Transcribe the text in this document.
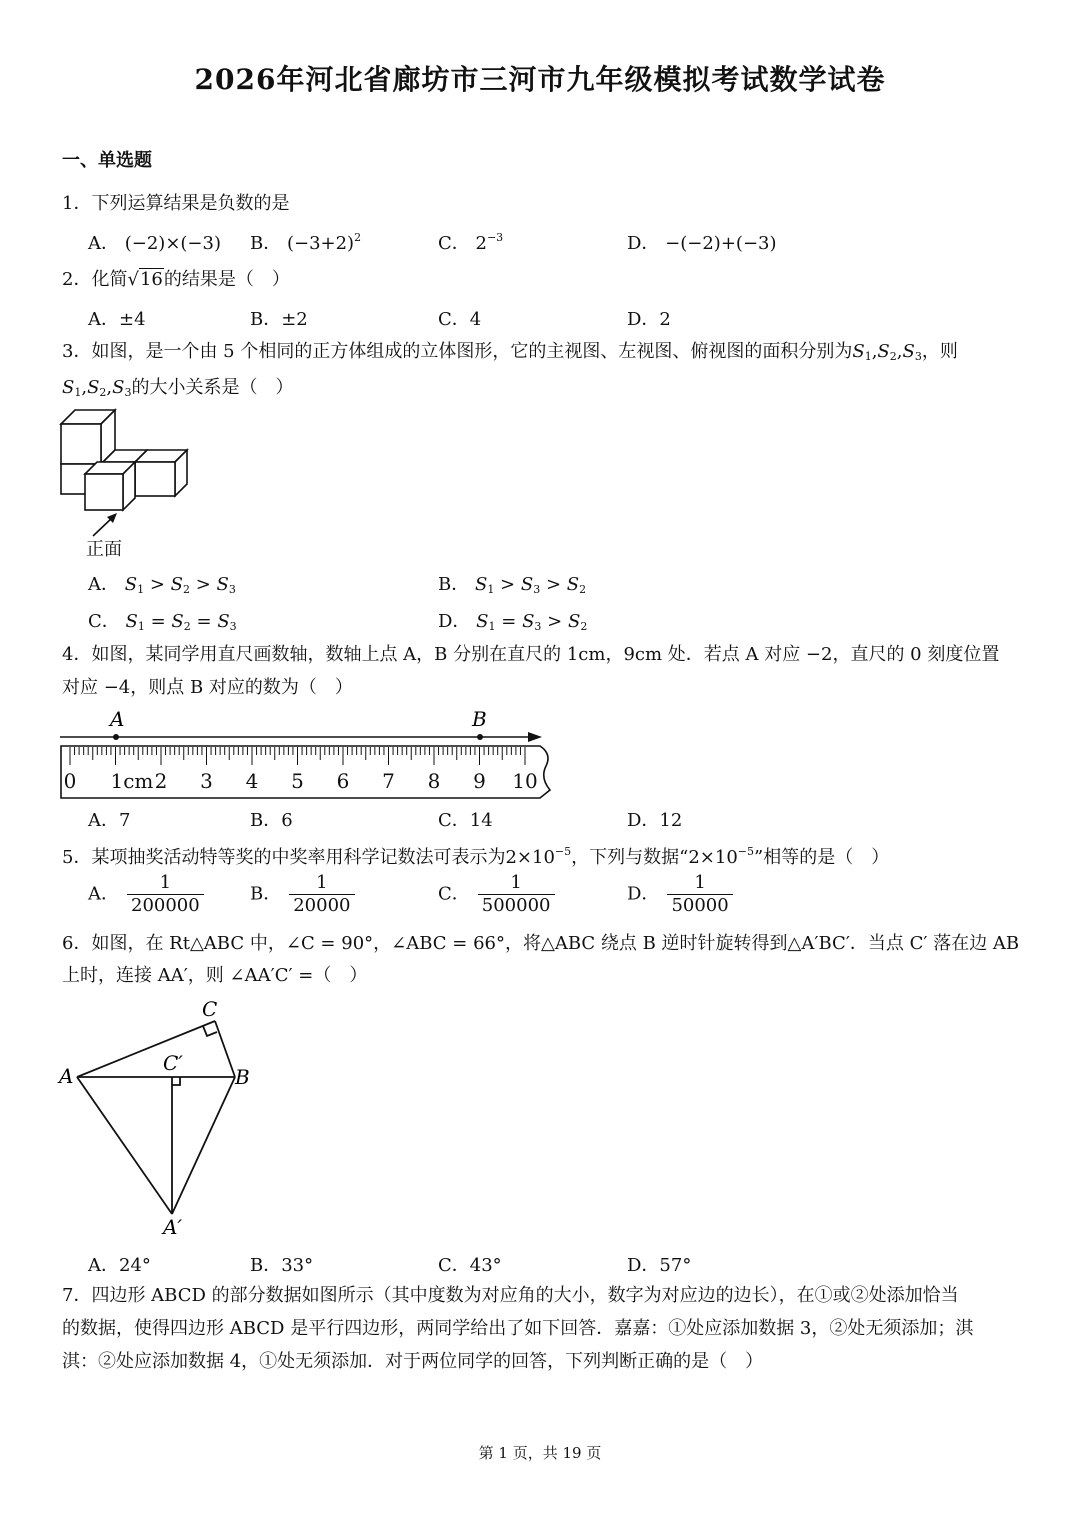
2026年河北省廊坊市三河市九年级模拟考试数学试卷
一、单选题
1．下列运算结果是负数的是
A． (−2)×(−3) B． $(-3+2)^2$	C． $2^{-3}$	D． −(−2)+(−3)
2．化简√16的结果是（　）
A．±4	B．±2	C．4	D．2
3．如图，是一个由 5 个相同的正方体组成的立体图形，它的主视图、左视图、俯视图的面积分别为$S_1,S_2,S_3$，则
$S_1,S_2,S_3$的大小关系是（　）
正面
A． $S_1 > S_2 > S_3$	B． $S_1 > S_3 > S_2$
C． $S_1 = S_2 = S_3$	D． $S_1 = S_3 > S_2$
4．如图，某同学用直尺画数轴，数轴上点 A，B 分别在直尺的 1cm，9cm 处．若点 A 对应 −2，直尺的 0 刻度位置
对应 −4，则点 B 对应的数为（　）
A	B
0 1cm 2 3 4 5 6 7 8 9 10
A．7	B．6	C．14	D．12
5．某项抽奖活动特等奖的中奖率用科学记数法可表示为$2\times 10^{-5}$，下列与数据“$2\times 10^{-5}$”相等的是（　）
A． $\frac{1}{200000}$	B． $\frac{1}{20000}$	C． $\frac{1}{500000}$	D． $\frac{1}{50000}$
6．如图，在 Rt△ABC 中，∠C = 90°，∠ABC = 66°，将△ABC 绕点 B 逆时针旋转得到△A′BC′．当点 C′ 落在边 AB
上时，连接 AA′，则 ∠AA′C′ =（　）
C
A	B
C′
A′
A．24°	B．33°	C．43°	D．57°
7．四边形 ABCD 的部分数据如图所示（其中度数为对应角的大小，数字为对应边的边长），在①或②处添加恰当
的数据，使得四边形 ABCD 是平行四边形，两同学给出了如下回答．嘉嘉：①处应添加数据 3，②处无须添加；淇
淇：②处应添加数据 4，①处无须添加．对于两位同学的回答，下列判断正确的是（　）
第 1 页，共 19 页
